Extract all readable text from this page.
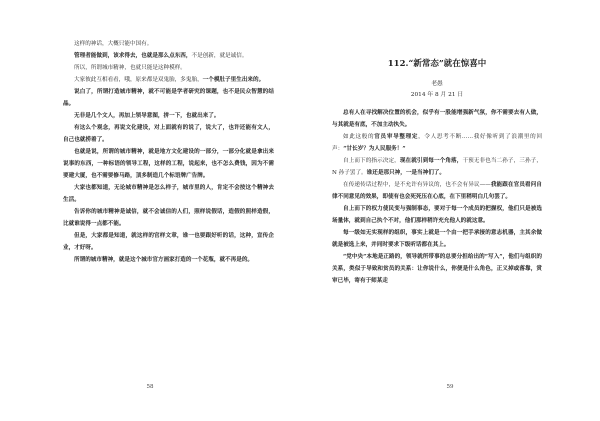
这样的神话，大概只能中国有。

管理者能做到，该求得去，也就是那么点东西，不是创新，就是诚信。

所以，所谓城市精神，也就只能是这种模样。

大家彼此互相看看，哦，原来都是双鬼胎，多鬼胎，一个模肚子里生出来的。

说白了，所谓打造城市精神，就不可能是学者研究的课题，也不是民众智慧的结晶。

无非是几个文人，再加上领导意图，拼一下，也就出来了。

有这么个观念，再说文化建设，对上面就有的说了，说大了，也许还能有文人，自己也就捞着了。

也就是说，所谓的城市精神，就是地方文化建设的一部分，一部分化就是拿出来说事的东西，一种标语的领导工程，这样的工程，说起来，也不怎么费钱，因为不需要建大厦，也不需要修马路，顶多制造几个标语牌广告牌。

大家也都知道，无论城市精神是怎么样子，城市里的人，肯定不会按这个精神去生活。

告诉你的城市精神是诚信，就不会诚信的人们，照样说假话，造假的照样造假，比就谁说得一点都不能。

但是，大家都是知道，就这样的官样文章，谁一也要跟好听的话，这种，宣传企业，才好呀。

所谓的城市精神，就是这个城市官方画家打造的一个花瓶，就不再是的。

58
112.“新常态”就在惊喜中

老愚

2014 年 8 月 21 日

总有人在寻找解决位置的机会，似乎有一股能增强新气氛，你不需要去有人做，与其就是有底，不加主动执失。

如此这般的官员审导整理定，令人思考不断……我好像听到了浪潮里的回声：“甘长岁？为人民服务！”

自上而下的指示决定，现在就引到每一个角落，干预无非也当二孙子，三孙子，N 孙子罢了。谁还是那只神，一是当神们了。

在传递传话过程中，是不允许有异议的，也不会有异议——我能跟在官员看问自律不同意见的效果，即使有也会死死压在心底，在下里稍明白几句罢了。

自上而下的权力使民变与强制事态，要对于每一个成员的把握权，他们只是被选场量体，就到自己执个不对，他们那样稍许充允他人的就这意。

每一级如无实现样的组织，事实上就是一个由一把手承接的意志机器，主其余做就是被选上来，并同时要求下级听话都在其上。

“党中央”本地是正路的，领导就所带事的总要分担给出的“写入”，他们与组织的关系，类似于导致和贫员的关系：让你说什么，你便是什么角色，正义掉或落靠，赏审已毕，寄有于师某走

59
